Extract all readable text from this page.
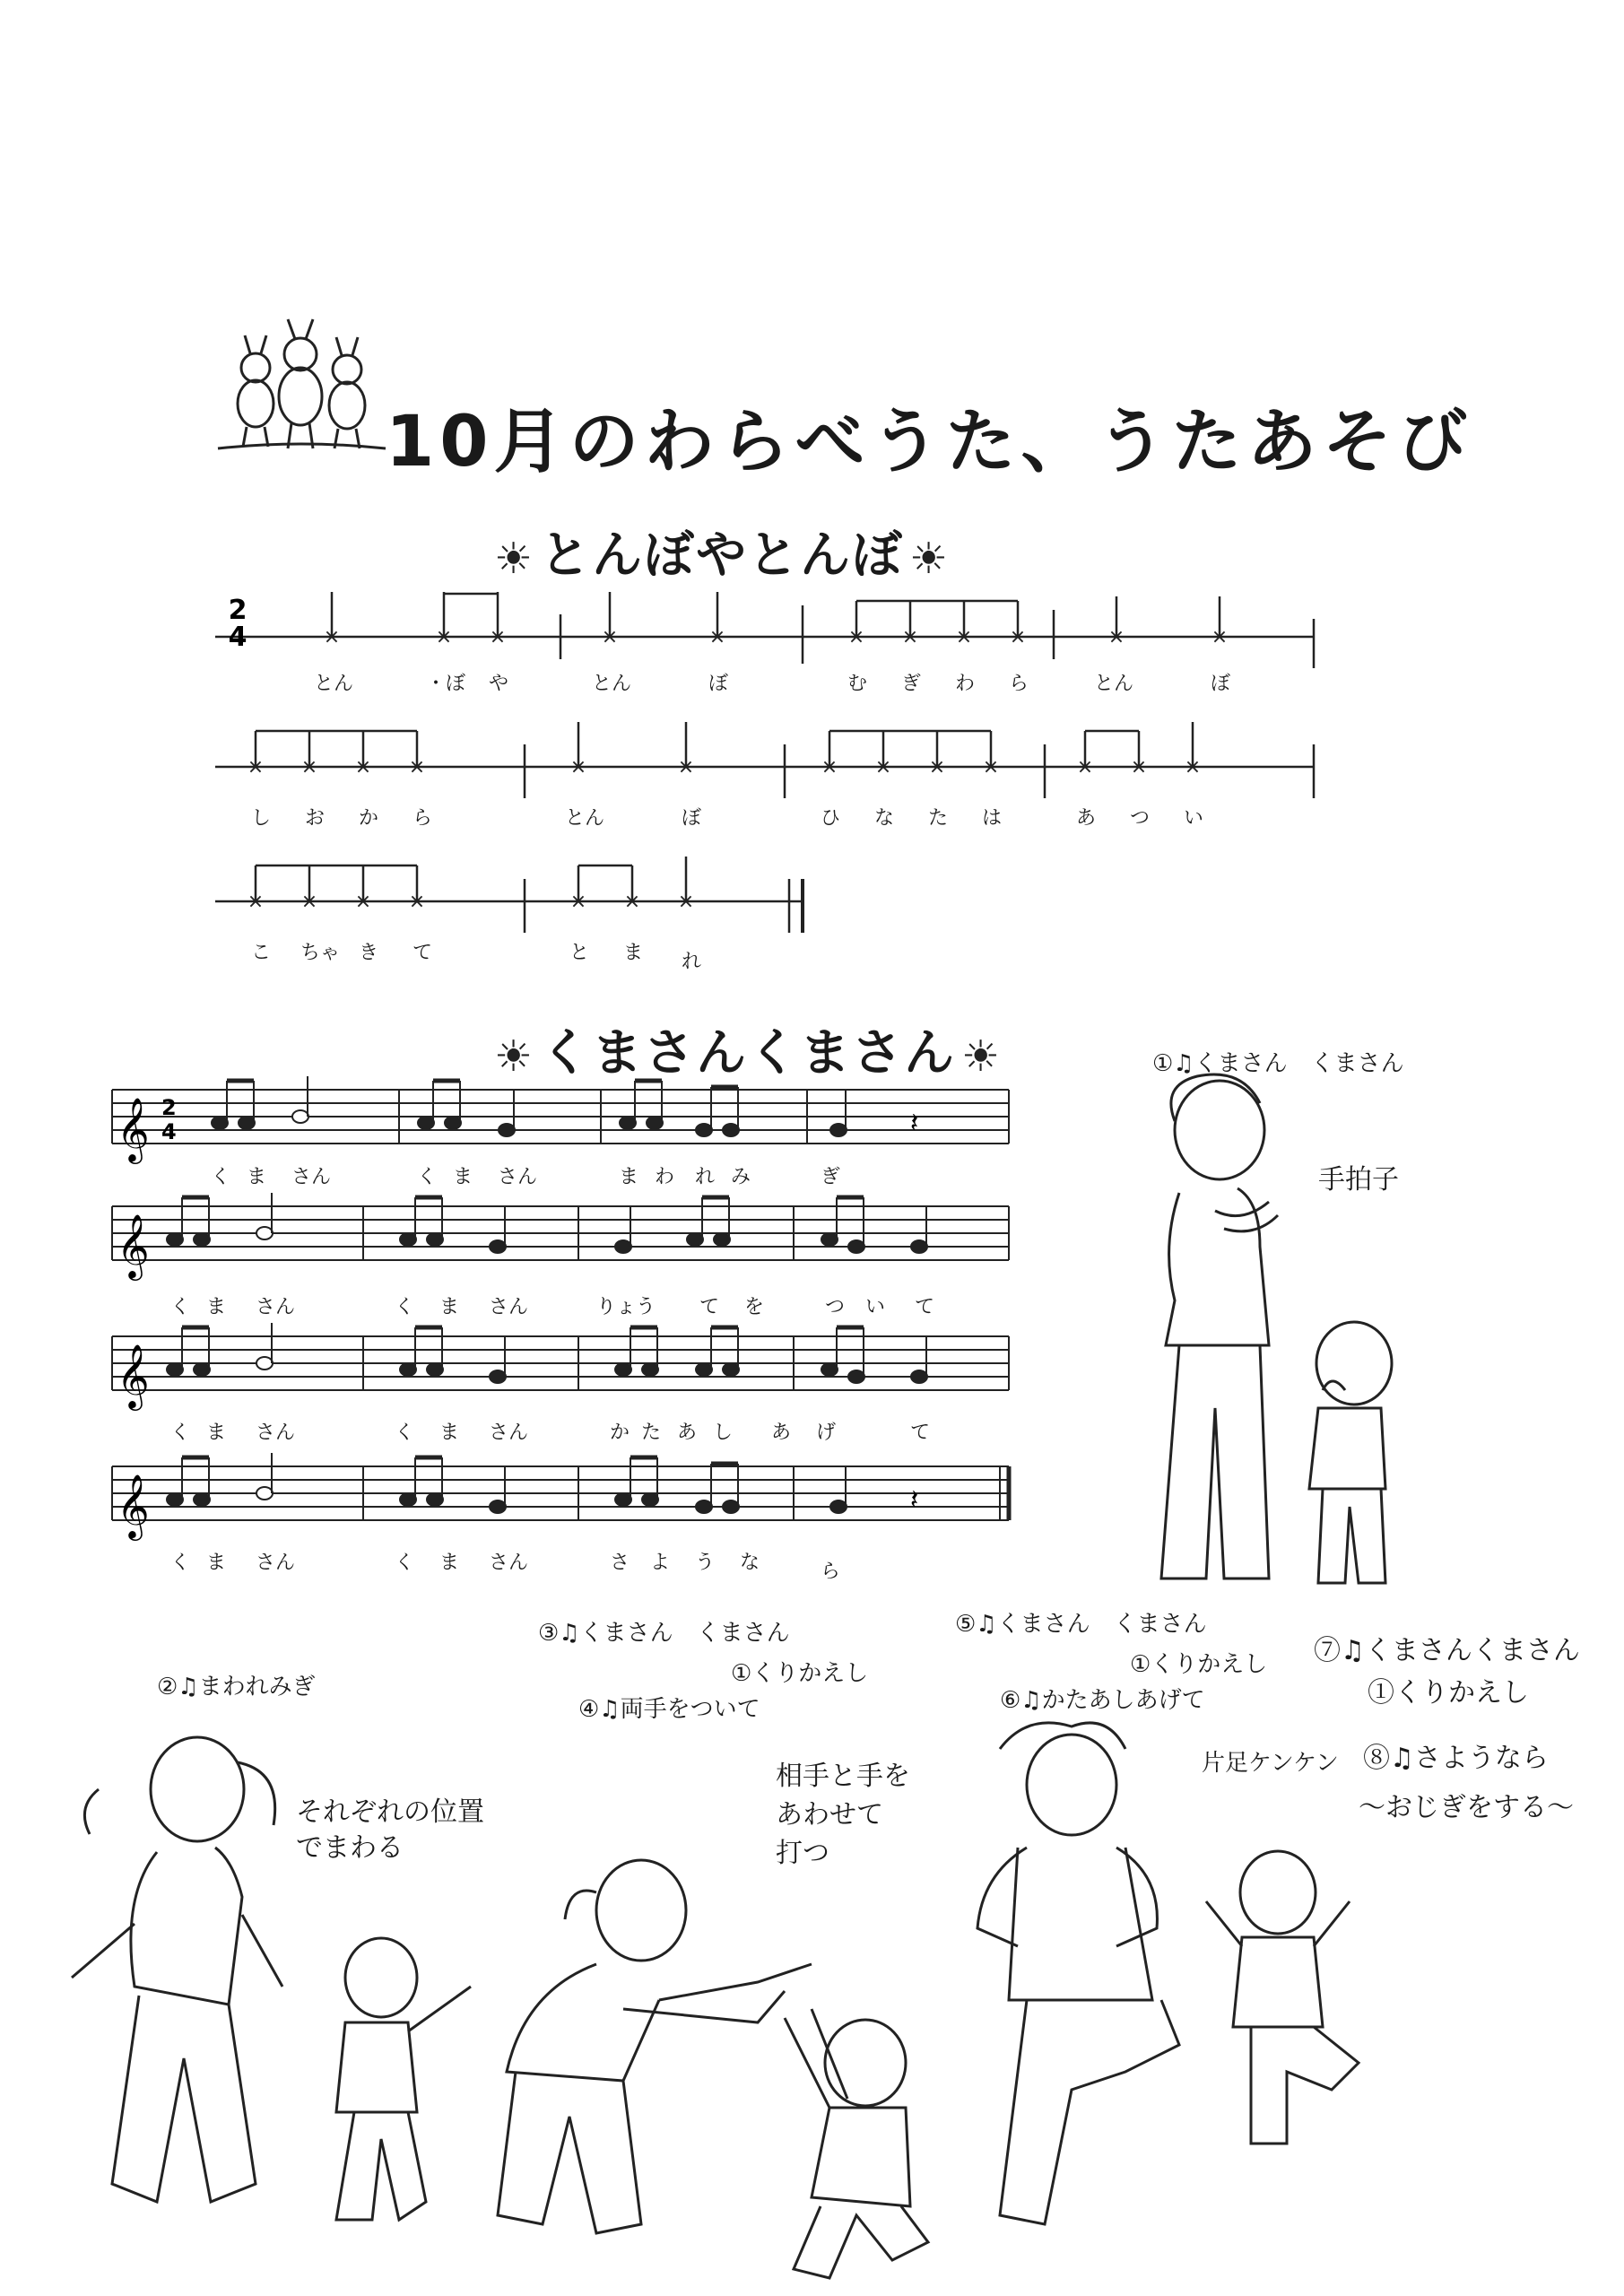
10月のわらべうた、うたあそび
☀ とんぼやとんぼ ☀
×	× ×	×	×	× × × ×	×	×
2
4
とん	・ぼ や	とん	ぼ	む ぎ わ ら	とん	ぼ
× × × ×	×	×	× × × ×	× × ×
し お か ら	とん	ぼ	ひ な た は	あ つ い
× × × ×	× × ×
こ ちゃ き て	と ま れ
☀ くまさんくまさん ☀
𝄞 2
4	𝄽
く ま さん	く ま さん	ま わ れ み	ぎ
𝄞
く ま さん	く ま さん	りょう て を	つ い て
𝄞
く ま さん	く ま さん	か た あ し あ げ	て
𝄞	𝄽
く ま さん	く ま さん	さ よ う な	ら
①♫くまさん　くまさん
手拍子
③♫くまさん　くまさん
①くりかえし
④♫両手をついて
⑤♫くまさん　くまさん
①くりかえし
⑥♫かたあしあげて
⑦♫くまさんくまさん
①くりかえし
片足ケンケン ⑧♫さようなら
〜おじぎをする〜
②♫まわれみぎ
それぞれの位置
でまわる
相手と手を
あわせて
打つ
